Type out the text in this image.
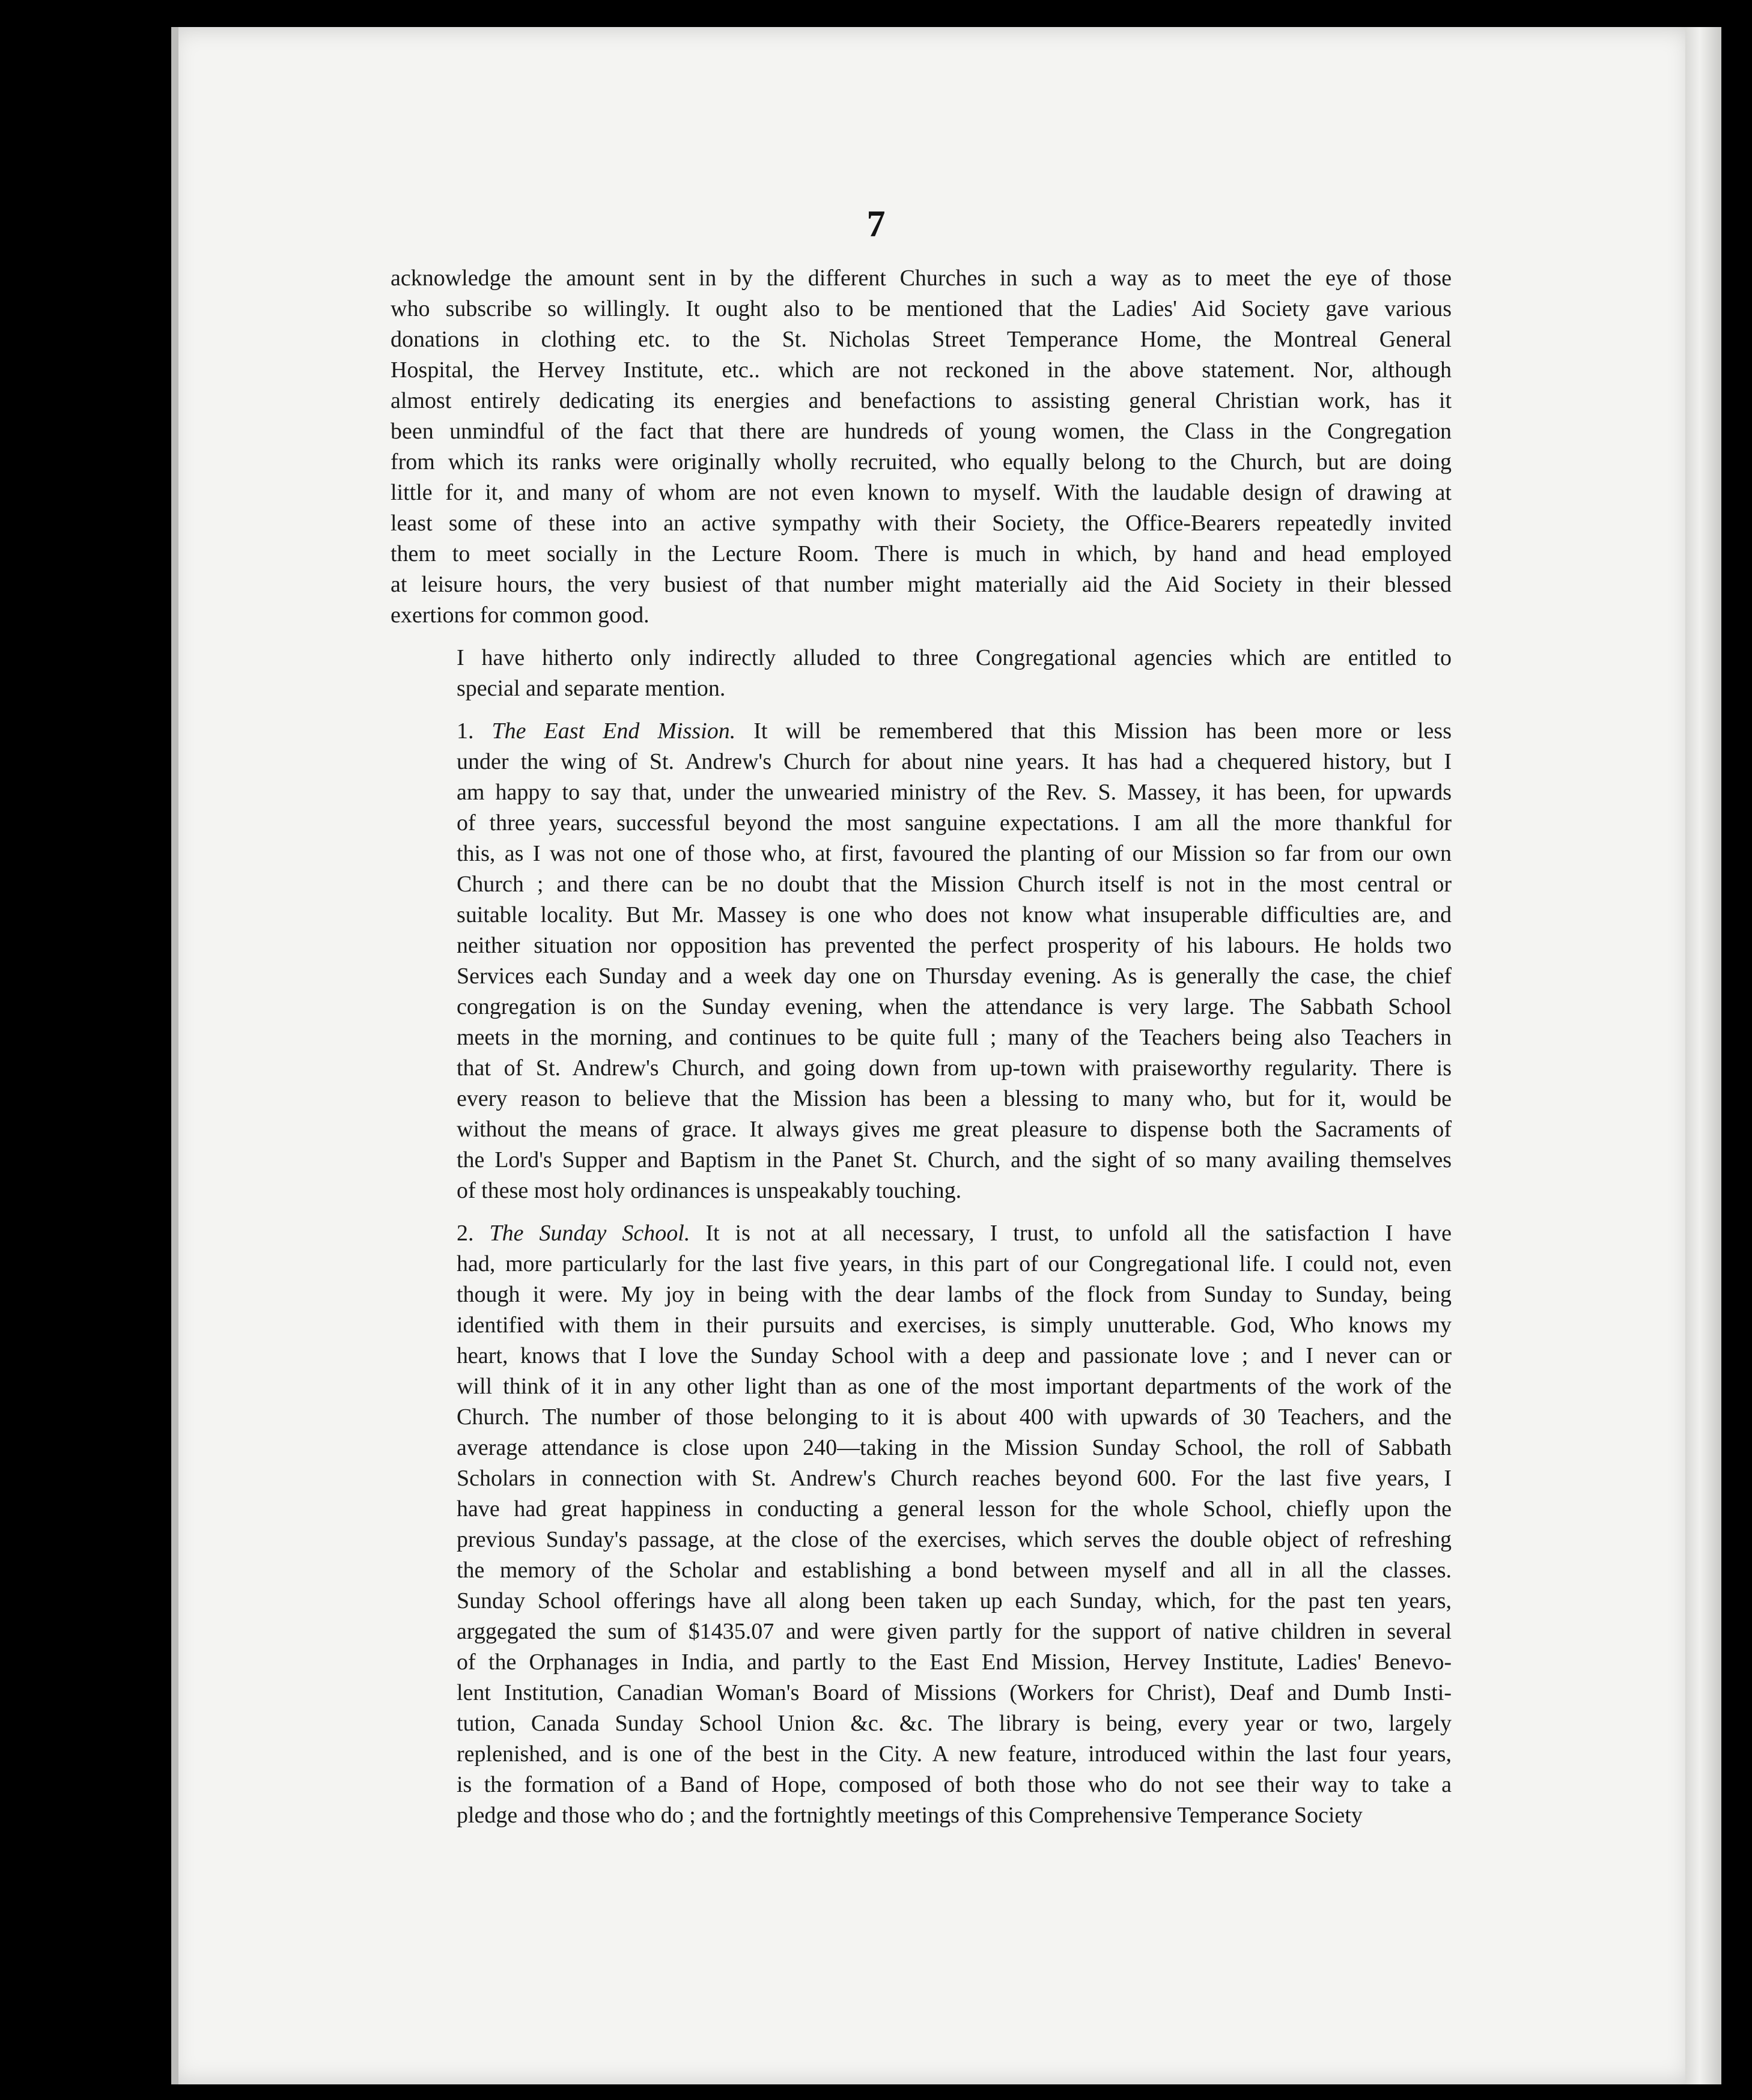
7

acknowledge the amount sent in by the different Churches in such a way as to meet the eye of those
who subscribe so willingly. It ought also to be mentioned that the Ladies' Aid Society gave various
donations in clothing etc. to the St. Nicholas Street Temperance Home, the Montreal General
Hospital, the Hervey Institute, etc.. which are not reckoned in the above statement. Nor, although
almost entirely dedicating its energies and benefactions to assisting general Christian work, has it
been unmindful of the fact that there are hundreds of young women, the Class in the Congregation
from which its ranks were originally wholly recruited, who equally belong to the Church, but are doing
little for it, and many of whom are not even known to myself. With the laudable design of drawing at
least some of these into an active sympathy with their Society, the Office-Bearers repeatedly invited
them to meet socially in the Lecture Room. There is much in which, by hand and head employed
at leisure hours, the very busiest of that number might materially aid the Aid Society in their blessed
exertions for common good.

I have hitherto only indirectly alluded to three Congregational agencies which are entitled to
special and separate mention.

1. The East End Mission. It will be remembered that this Mission has been more or less
under the wing of St. Andrew's Church for about nine years. It has had a chequered history, but I
am happy to say that, under the unwearied ministry of the Rev. S. Massey, it has been, for upwards
of three years, successful beyond the most sanguine expectations. I am all the more thankful for
this, as I was not one of those who, at first, favoured the planting of our Mission so far from our own
Church ; and there can be no doubt that the Mission Church itself is not in the most central or
suitable locality. But Mr. Massey is one who does not know what insuperable difficulties are, and
neither situation nor opposition has prevented the perfect prosperity of his labours. He holds two
Services each Sunday and a week day one on Thursday evening. As is generally the case, the chief
congregation is on the Sunday evening, when the attendance is very large. The Sabbath School
meets in the morning, and continues to be quite full ; many of the Teachers being also Teachers in
that of St. Andrew's Church, and going down from up-town with praiseworthy regularity. There is
every reason to believe that the Mission has been a blessing to many who, but for it, would be
without the means of grace. It always gives me great pleasure to dispense both the Sacraments of
the Lord's Supper and Baptism in the Panet St. Church, and the sight of so many availing themselves
of these most holy ordinances is unspeakably touching.

2. The Sunday School. It is not at all necessary, I trust, to unfold all the satisfaction I have
had, more particularly for the last five years, in this part of our Congregational life. I could not, even
though it were. My joy in being with the dear lambs of the flock from Sunday to Sunday, being
identified with them in their pursuits and exercises, is simply unutterable. God, Who knows my
heart, knows that I love the Sunday School with a deep and passionate love ; and I never can or
will think of it in any other light than as one of the most important departments of the work of the
Church. The number of those belonging to it is about 400 with upwards of 30 Teachers, and the
average attendance is close upon 240—taking in the Mission Sunday School, the roll of Sabbath
Scholars in connection with St. Andrew's Church reaches beyond 600. For the last five years, I
have had great happiness in conducting a general lesson for the whole School, chiefly upon the
previous Sunday's passage, at the close of the exercises, which serves the double object of refreshing
the memory of the Scholar and establishing a bond between myself and all in all the classes.
Sunday School offerings have all along been taken up each Sunday, which, for the past ten years,
arggegated the sum of $1435.07 and were given partly for the support of native children in several
of the Orphanages in India, and partly to the East End Mission, Hervey Institute, Ladies' Benevo-
lent Institution, Canadian Woman's Board of Missions (Workers for Christ), Deaf and Dumb Insti-
tution, Canada Sunday School Union &c. &c. The library is being, every year or two, largely
replenished, and is one of the best in the City. A new feature, introduced within the last four years,
is the formation of a Band of Hope, composed of both those who do not see their way to take a
pledge and those who do ; and the fortnightly meetings of this Comprehensive Temperance Society
